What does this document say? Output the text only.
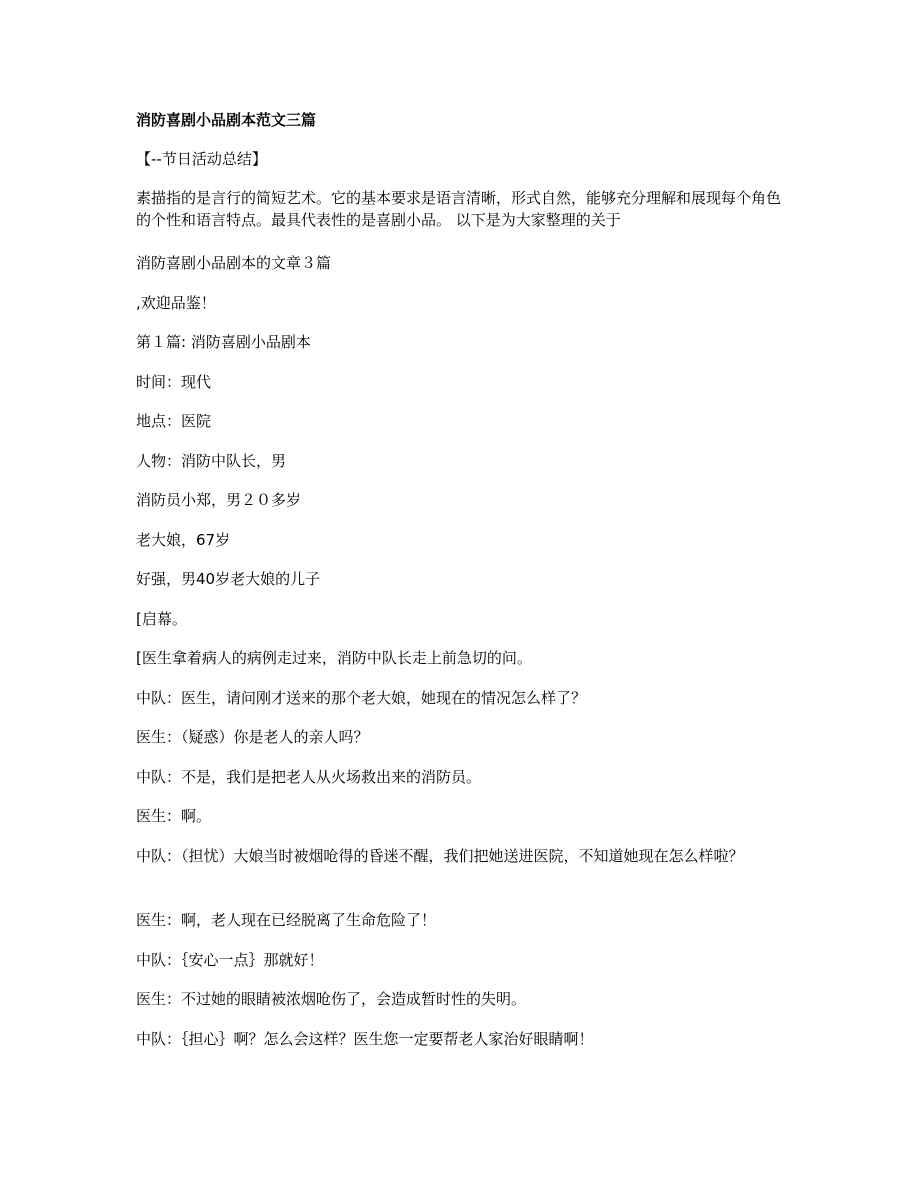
消防喜剧小品剧本范文三篇

【--节日活动总结】

素描指的是言行的简短艺术。它的基本要求是语言清晰，形式自然，能够充分理解和展现每个角色的个性和语言特点。最具代表性的是喜剧小品。 以下是为大家整理的关于

消防喜剧小品剧本的文章３篇

,欢迎品鉴！

第１篇: 消防喜剧小品剧本

时间：现代

地点：医院

人物：消防中队长，男

消防员小郑，男２０多岁

老大娘，67岁

好强，男40岁老大娘的儿子

[启幕。

[医生拿着病人的病例走过来，消防中队长走上前急切的问。

中队：医生，请问刚才送来的那个老大娘，她现在的情况怎么样了？

医生：（疑惑）你是老人的亲人吗？

中队：不是，我们是把老人从火场救出来的消防员。

医生：啊。

中队：（担忧）大娘当时被烟呛得的昏迷不醒，我们把她送进医院，不知道她现在怎么样啦？

医生：啊，老人现在已经脱离了生命危险了！

中队：｛安心一点｝那就好！

医生：不过她的眼睛被浓烟呛伤了，会造成暂时性的失明。

中队：｛担心｝啊？怎么会这样？医生您一定要帮老人家治好眼睛啊！
